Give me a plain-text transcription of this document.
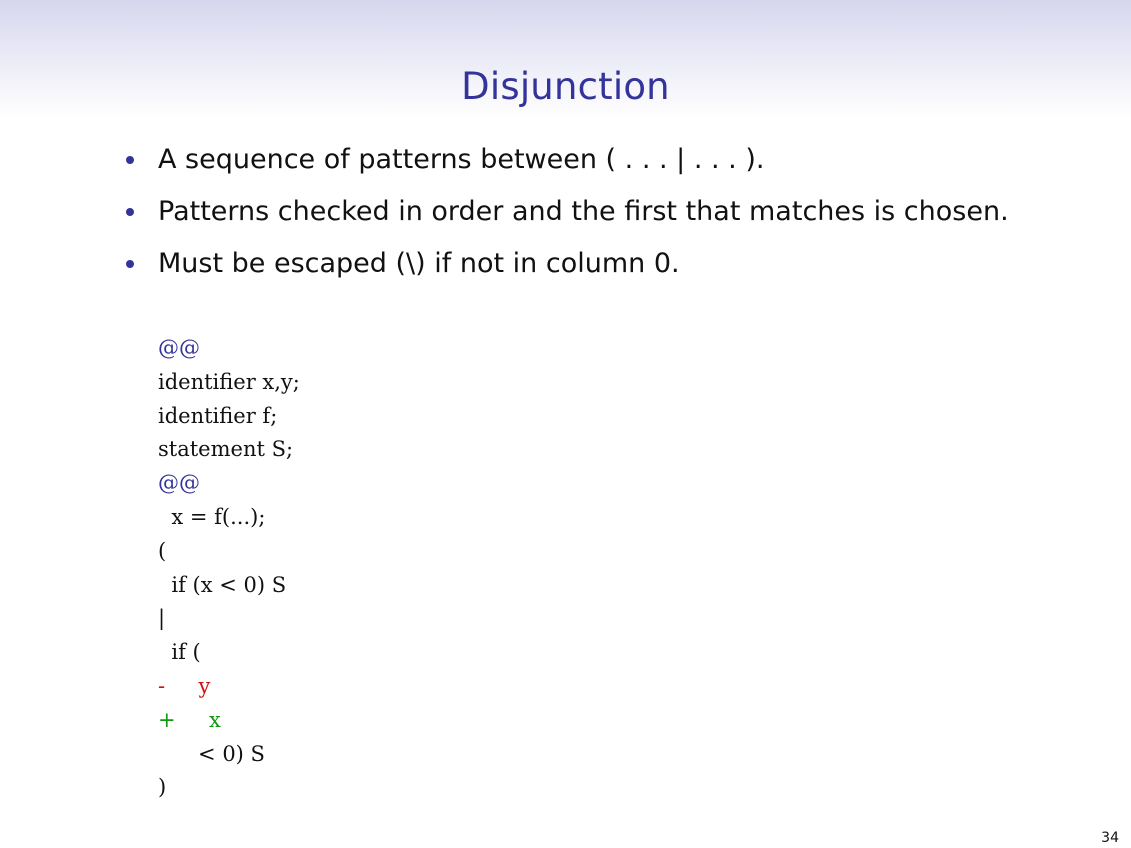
Disjunction
A sequence of patterns between ( . . . | . . . ).
Patterns checked in order and the first that matches is chosen.
Must be escaped (\) if not in column 0.
@@
identifier x,y;
identifier f;
statement S;
@@
x = f(...);
(
if (x < 0) S
|
if (
-     y
+     x
< 0) S
)
34
